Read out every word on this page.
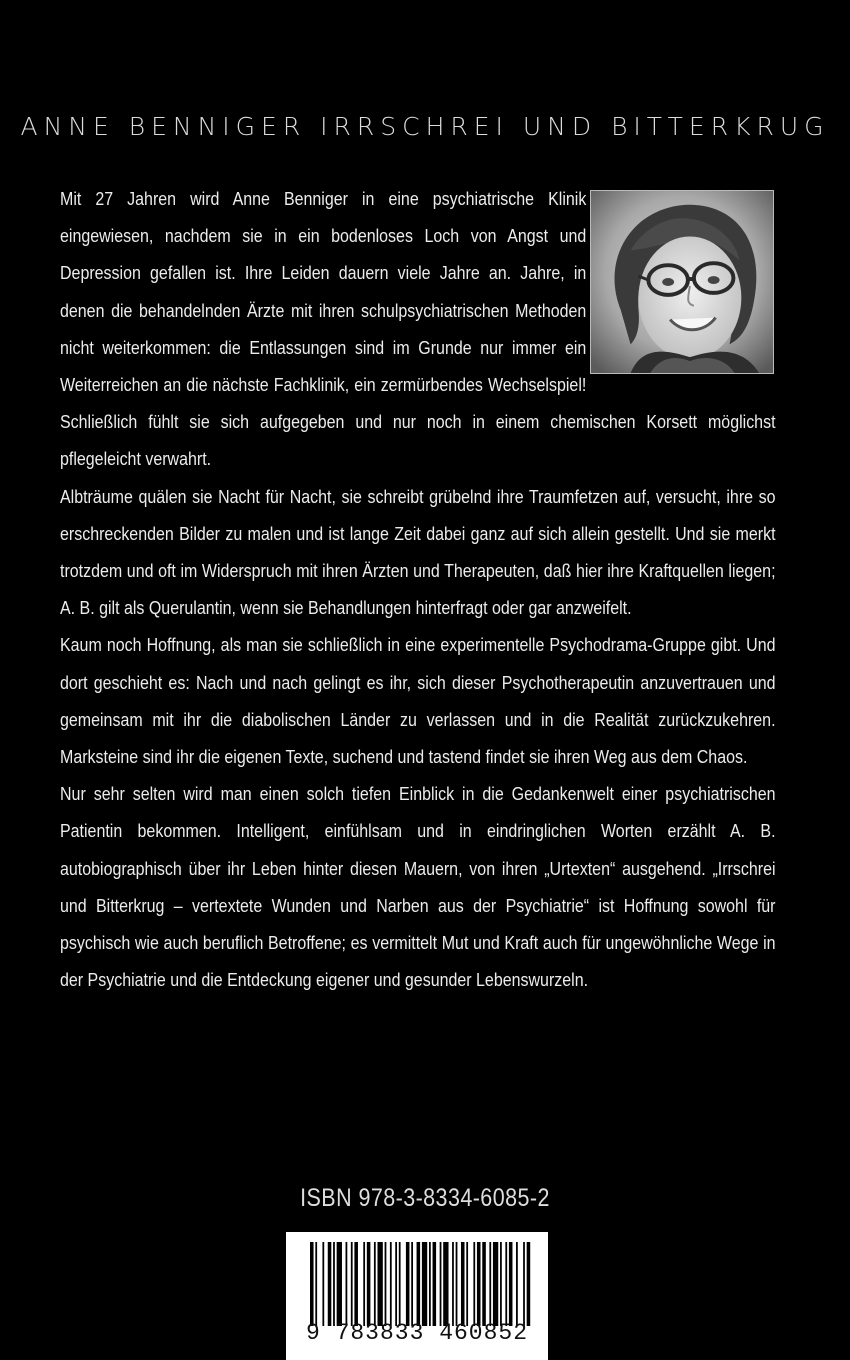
ANNE BENNIGER IRRSCHREI UND BITTERKRUG

Mit 27 Jahren wird Anne Benniger in eine psychiatrische Klinik eingewiesen, nachdem sie in ein bodenloses Loch von Angst und Depression gefallen ist. Ihre Leiden dauern viele Jahre an. Jahre, in denen die behandelnden Ärzte mit ihren schulpsychiatrischen Methoden nicht weiterkommen: die Entlassungen sind im Grunde nur immer ein Weiterreichen an die nächste Fachklinik, ein zermürbendes Wechselspiel! Schließlich fühlt sie sich aufgegeben und nur noch in einem chemischen Korsett möglichst pflegeleicht verwahrt.

Albträume quälen sie Nacht für Nacht, sie schreibt grübelnd ihre Traumfetzen auf, versucht, ihre so erschreckenden Bilder zu malen und ist lange Zeit dabei ganz auf sich allein gestellt. Und sie merkt trotzdem und oft im Widerspruch mit ihren Ärzten und Therapeuten, daß hier ihre Kraftquellen liegen; A. B. gilt als Querulantin, wenn sie Behandlungen hinterfragt oder gar anzweifelt.

Kaum noch Hoffnung, als man sie schließlich in eine experimentelle Psychodrama-Gruppe gibt. Und dort geschieht es: Nach und nach gelingt es ihr, sich dieser Psychotherapeutin anzuvertrauen und gemeinsam mit ihr die diabolischen Länder zu verlassen und in die Realität zurückzukehren. Marksteine sind ihr die eigenen Texte, suchend und tastend findet sie ihren Weg aus dem Chaos.

Nur sehr selten wird man einen solch tiefen Einblick in die Gedankenwelt einer psychiatrischen Patientin bekommen. Intelligent, einfühlsam und in eindringlichen Worten erzählt A. B. autobiographisch über ihr Leben hinter diesen Mauern, von ihren „Urtexten“ ausgehend. „Irrschrei und Bitterkrug – vertextete Wunden und Narben aus der Psychiatrie“ ist Hoffnung sowohl für psychisch wie auch beruflich Betroffene; es vermittelt Mut und Kraft auch für ungewöhnliche Wege in der Psychiatrie und die Entdeckung eigener und gesunder Lebenswurzeln.

ISBN 978-3-8334-6085-2
9 783833 460852
